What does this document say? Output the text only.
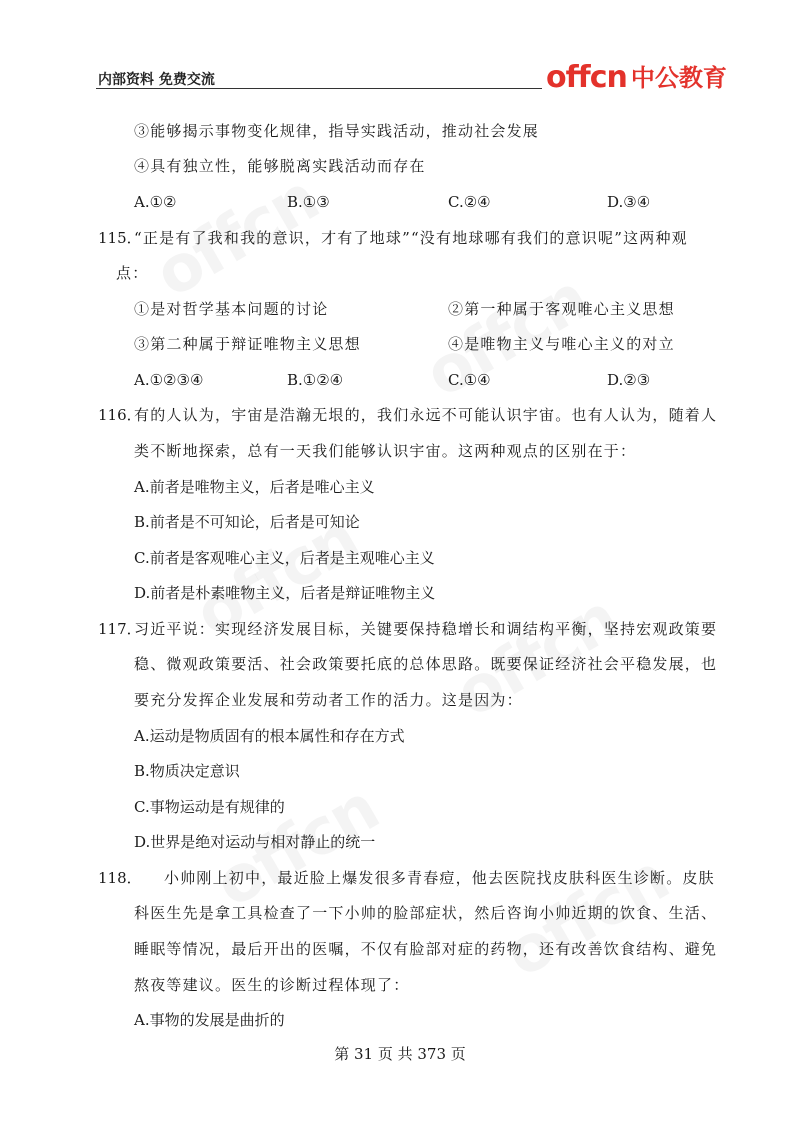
内部资料 免费交流	offcn 中公教育
③能够揭示事物变化规律，指导实践活动，推动社会发展
④具有独立性，能够脱离实践活动而存在
A.①②	B.①③	C.②④	D.③④
115．
“正是有了我和我的意识，才有了地球”“没有地球哪有我们的意识呢”这两种观
点：
①是对哲学基本问题的讨论	②第一种属于客观唯心主义思想
③第二种属于辩证唯物主义思想	④是唯物主义与唯心主义的对立
A.①②③④	B.①②④	C.①④	D.②③
116．
有的人认为，宇宙是浩瀚无垠的，我们永远不可能认识宇宙。也有人认为，随着人
类不断地探索，总有一天我们能够认识宇宙。这两种观点的区别在于：
A.前者是唯物主义，后者是唯心主义
B.前者是不可知论，后者是可知论
C.前者是客观唯心主义，后者是主观唯心主义
D.前者是朴素唯物主义，后者是辩证唯物主义
117．
习近平说：实现经济发展目标，关键要保持稳增长和调结构平衡，坚持宏观政策要
稳、微观政策要活、社会政策要托底的总体思路。既要保证经济社会平稳发展，也
要充分发挥企业发展和劳动者工作的活力。这是因为：
A.运动是物质固有的根本属性和存在方式
B.物质决定意识
C.事物运动是有规律的
D.世界是绝对运动与相对静止的统一
118． 小帅刚上初中，最近脸上爆发很多青春痘，他去医院找皮肤科医生诊断。皮肤
科医生先是拿工具检查了一下小帅的脸部症状，然后咨询小帅近期的饮食、生活、
睡眠等情况，最后开出的医嘱，不仅有脸部对症的药物，还有改善饮食结构、避免
熬夜等建议。医生的诊断过程体现了：
A.事物的发展是曲折的
第 31 页 共 373 页
